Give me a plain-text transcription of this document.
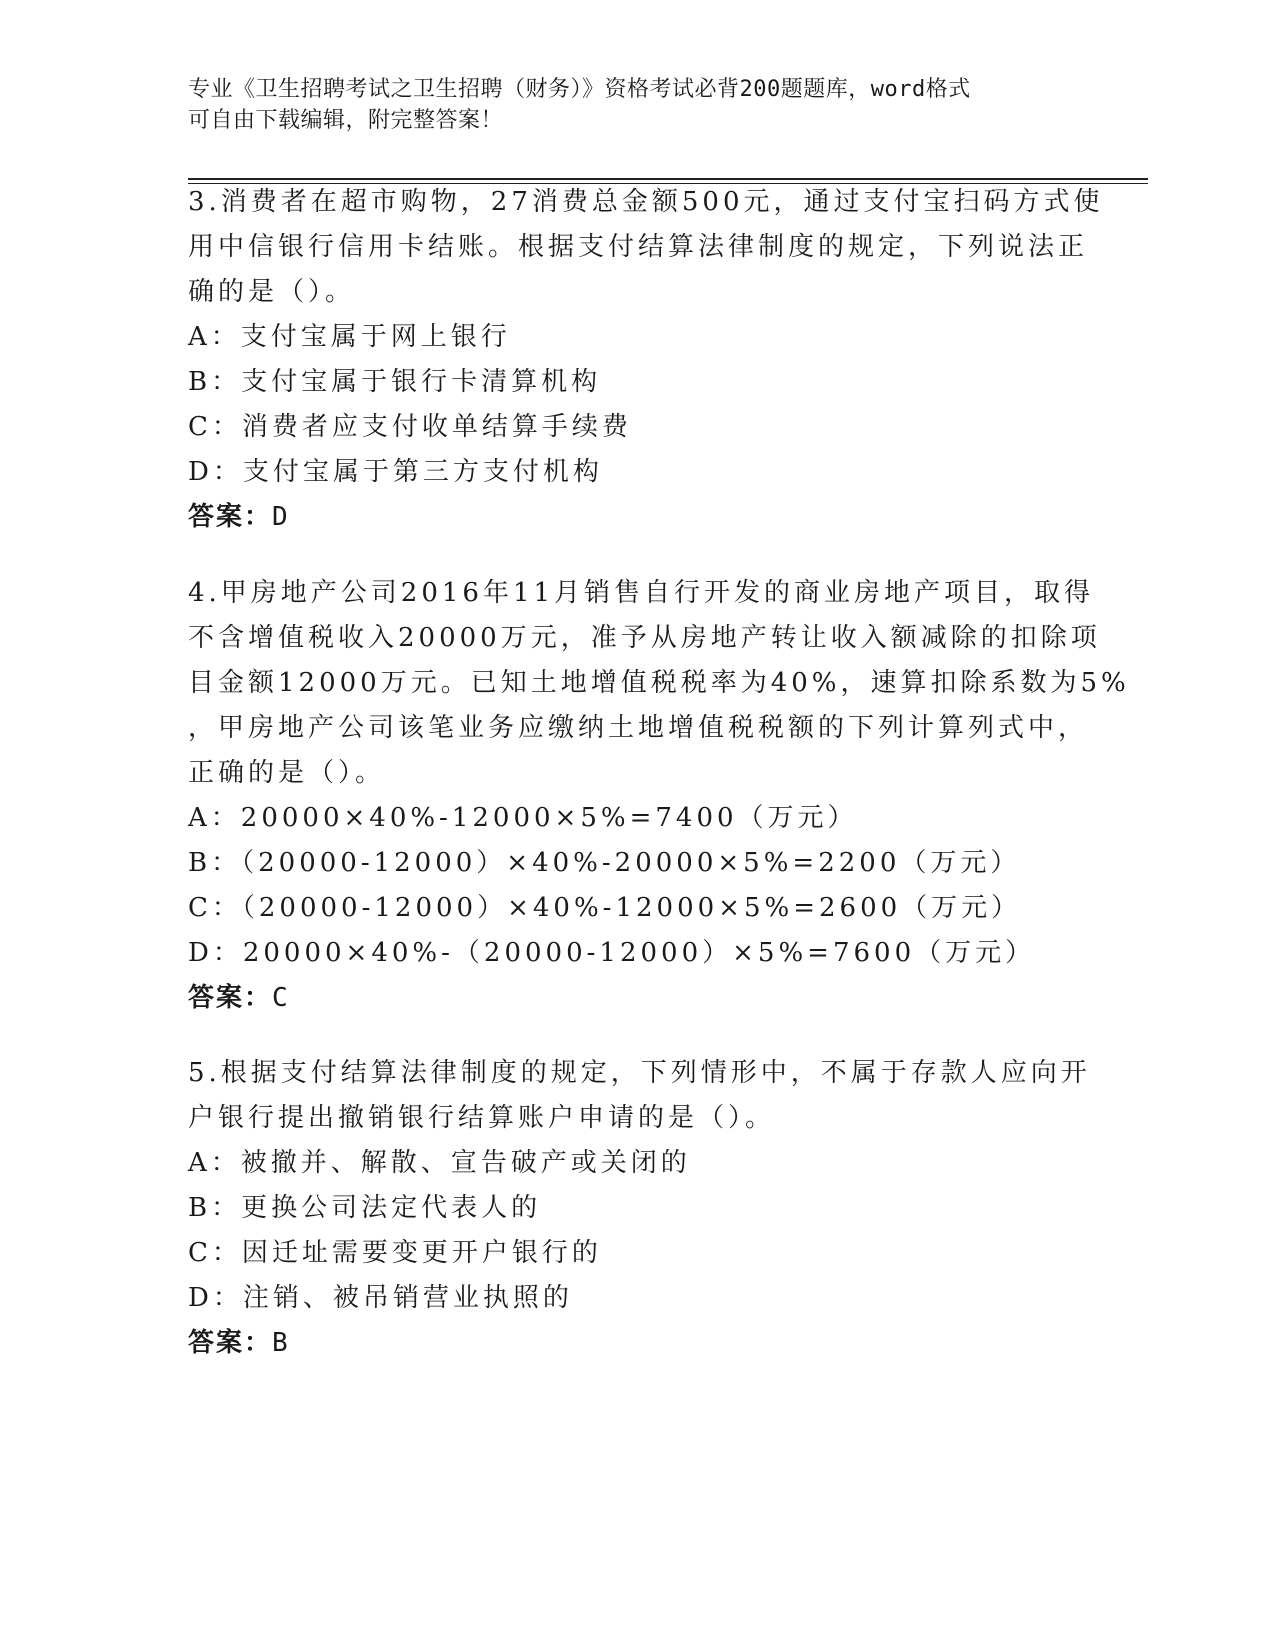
专业《卫生招聘考试之卫生招聘（财务）》资格考试必背200题题库，word格式
可自由下载编辑，附完整答案！
3.消费者在超市购物，27消费总金额500元，通过支付宝扫码方式使
用中信银行信用卡结账。根据支付结算法律制度的规定，下列说法正
确的是（）。
A：支付宝属于网上银行
B：支付宝属于银行卡清算机构
C：消费者应支付收单结算手续费
D：支付宝属于第三方支付机构
答案：D
4.甲房地产公司2016年11月销售自行开发的商业房地产项目，取得
不含增值税收入20000万元，准予从房地产转让收入额减除的扣除项
目金额12000万元。已知土地增值税税率为40%，速算扣除系数为5%
，甲房地产公司该笔业务应缴纳土地增值税税额的下列计算列式中，
正确的是（）。
A：20000×40%-12000×5%=7400（万元）
B：（20000-12000）×40%-20000×5%=2200（万元）
C：（20000-12000）×40%-12000×5%=2600（万元）
D：20000×40%-（20000-12000）×5%=7600（万元）
答案：C
5.根据支付结算法律制度的规定，下列情形中，不属于存款人应向开
户银行提出撤销银行结算账户申请的是（）。
A：被撤并、解散、宣告破产或关闭的
B：更换公司法定代表人的
C：因迁址需要变更开户银行的
D：注销、被吊销营业执照的
答案：B
